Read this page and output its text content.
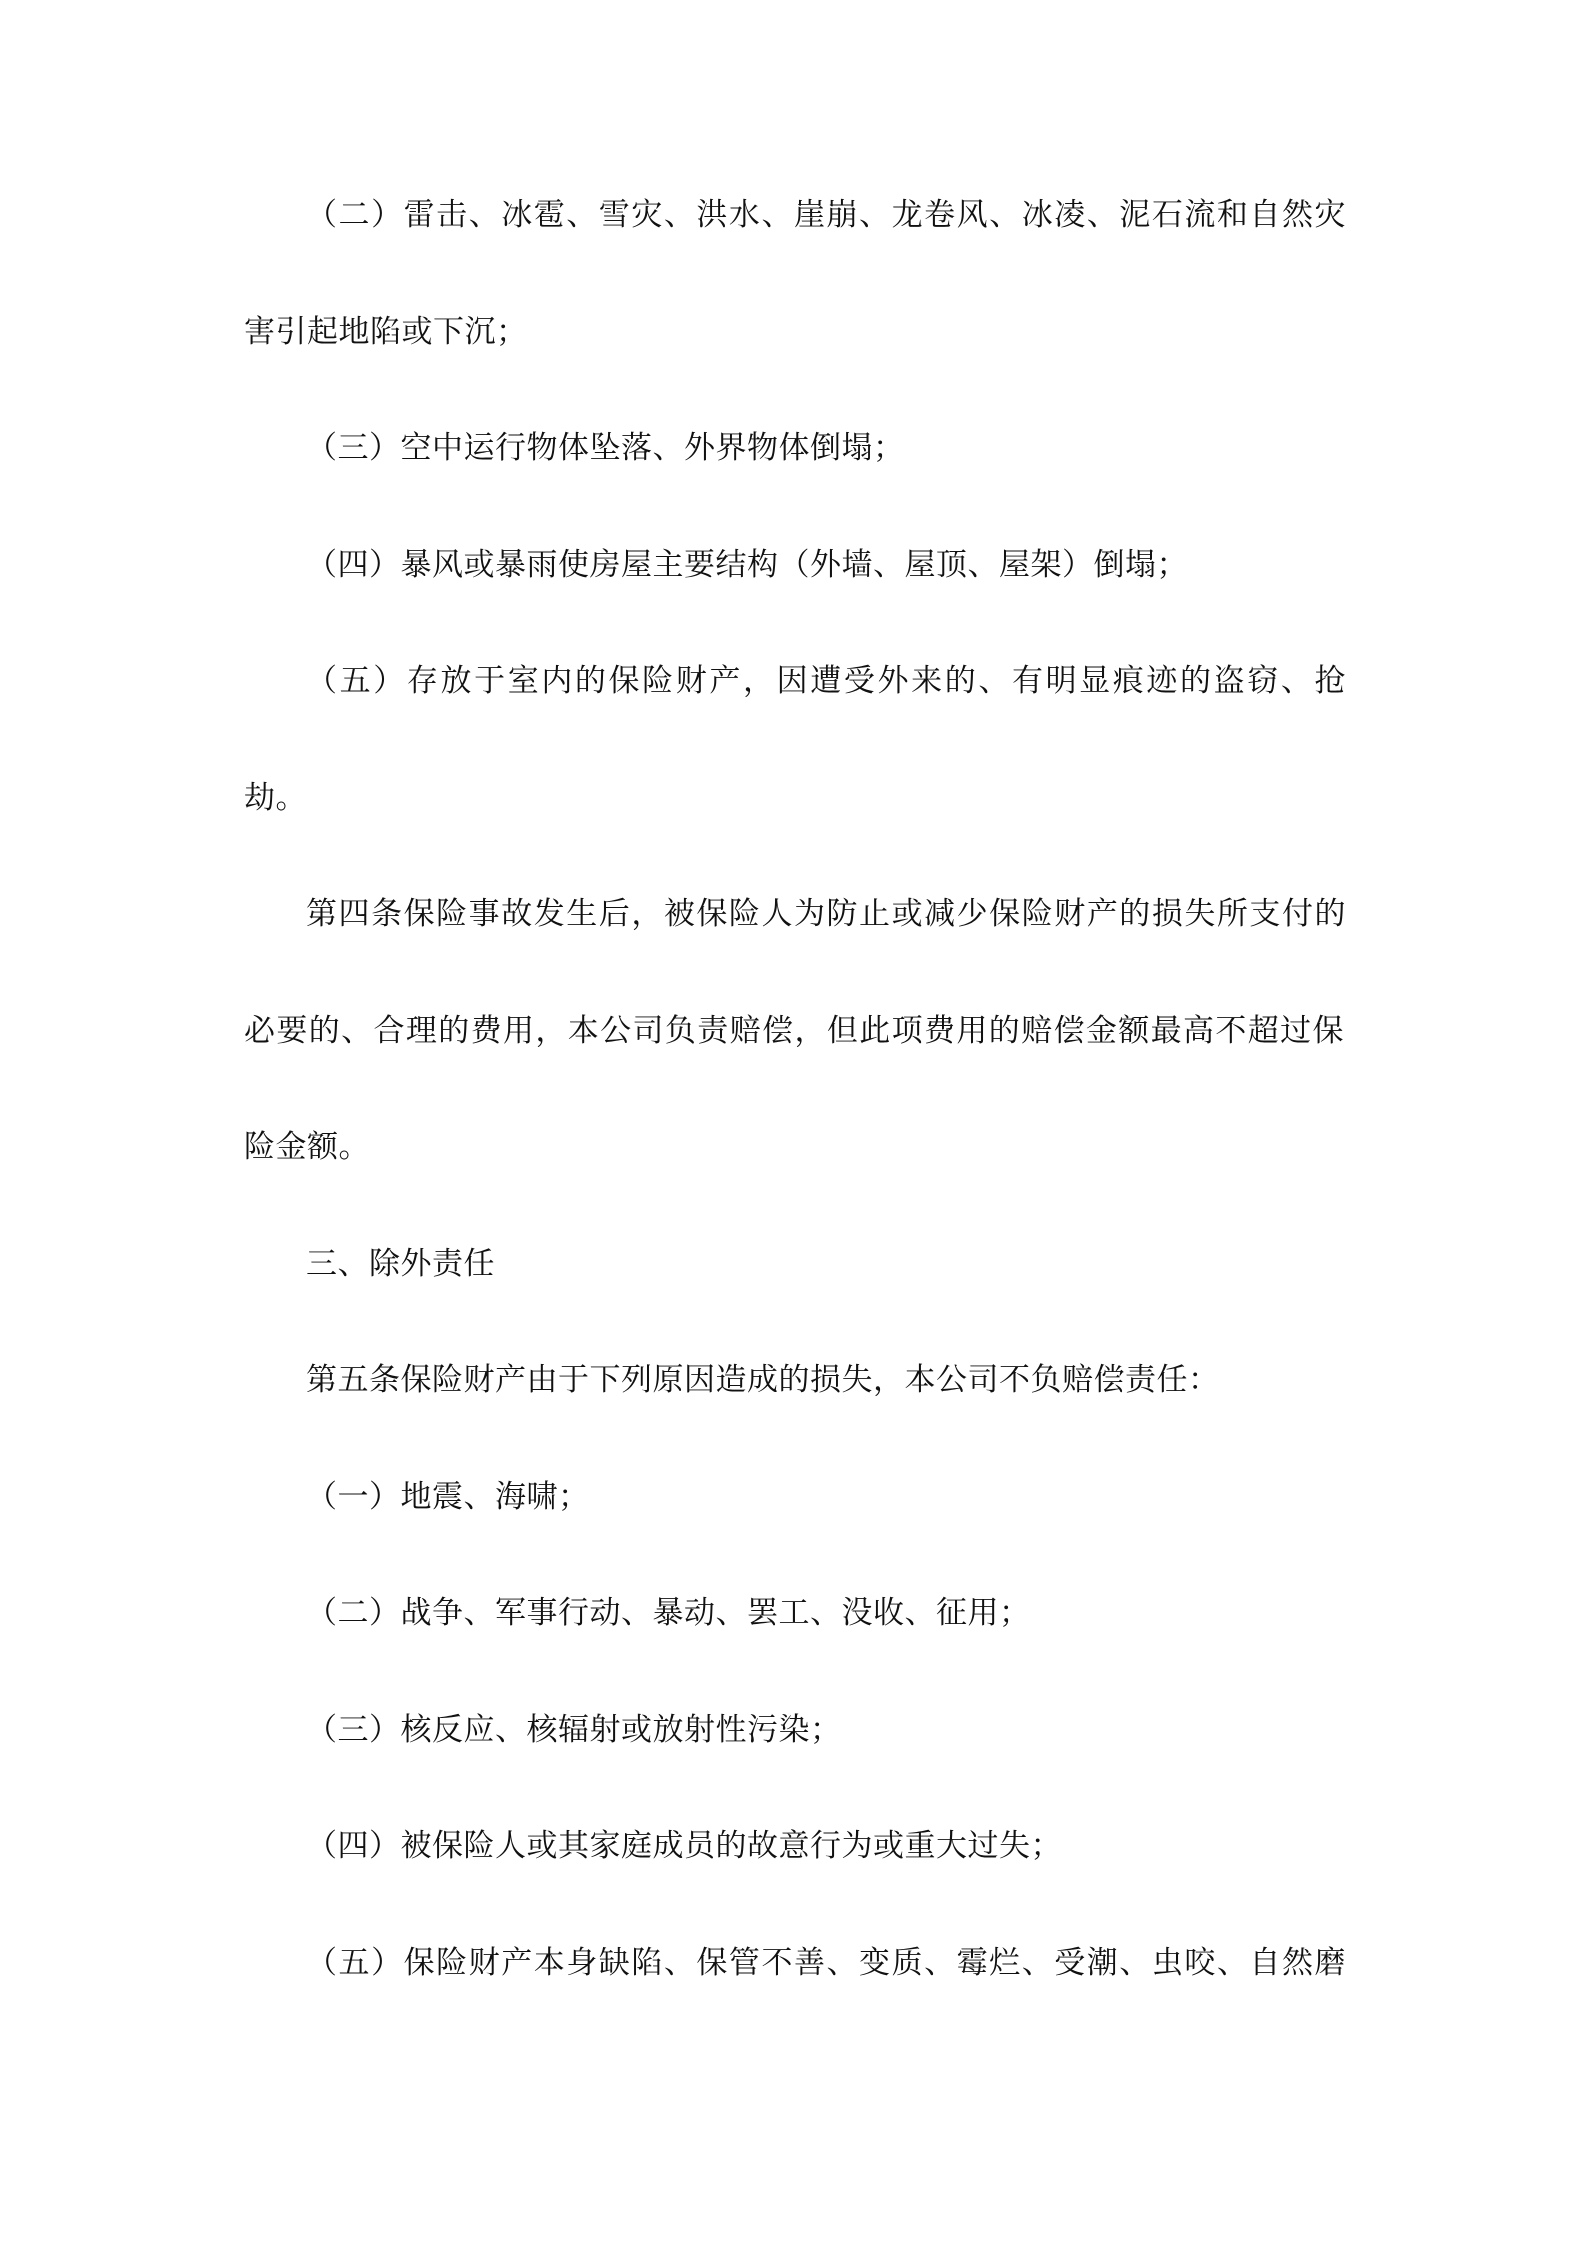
（二）雷击、冰雹、雪灾、洪水、崖崩、龙卷风、冰凌、泥石流和自然灾
害引起地陷或下沉；
（三）空中运行物体坠落、外界物体倒塌；
（四）暴风或暴雨使房屋主要结构（外墙、屋顶、屋架）倒塌；
（五）存放于室内的保险财产，因遭受外来的、有明显痕迹的盗窃、抢
劫。
第四条保险事故发生后，被保险人为防止或减少保险财产的损失所支付的
必要的、合理的费用，本公司负责赔偿，但此项费用的赔偿金额最高不超过保
险金额。
三、除外责任
第五条保险财产由于下列原因造成的损失，本公司不负赔偿责任：
（一）地震、海啸；
（二）战争、军事行动、暴动、罢工、没收、征用；
（三）核反应、核辐射或放射性污染；
（四）被保险人或其家庭成员的故意行为或重大过失；
（五）保险财产本身缺陷、保管不善、变质、霉烂、受潮、虫咬、自然磨
